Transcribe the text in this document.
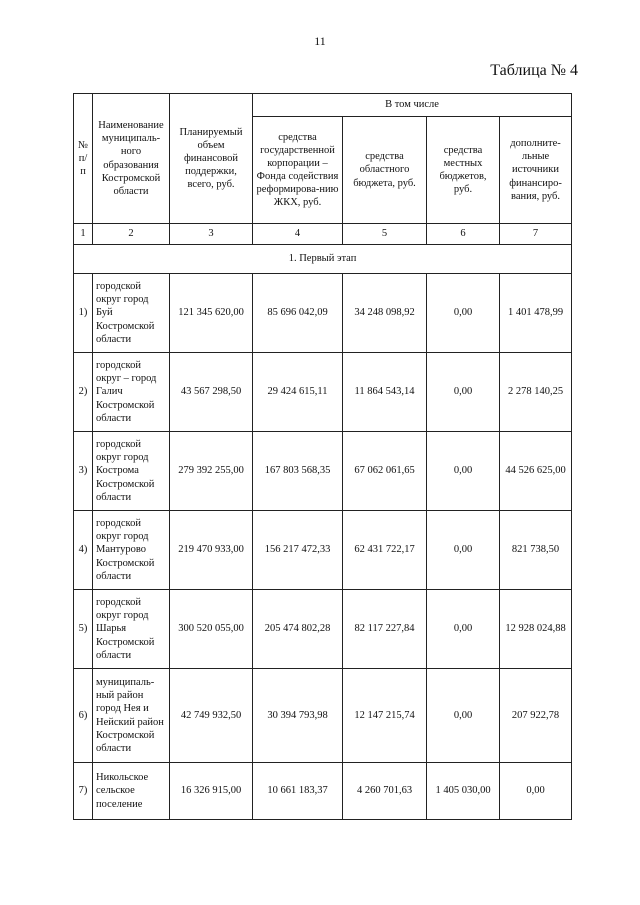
11
Таблица № 4
№ п/п	Наименование муниципаль-ного образования Костромской области	Планируемый объем финансовой поддержки, всего, руб.	В том числе			
			средства государственной корпорации – Фонда содействия реформирова-нию ЖКХ, руб.	средства областного бюджета, руб.	средства местных бюджетов, руб.	дополните-льные источники финансиро-вания, руб.
1	2	3	4	5	6	7
1. Первый этап						
1)	городской округ город Буй Костромской области	121 345 620,00	85 696 042,09	34 248 098,92	0,00	1 401 478,99
2)	городской округ – город Галич Костромской области	43 567 298,50	29 424 615,11	11 864 543,14	0,00	2 278 140,25
3)	городской округ город Кострома Костромской области	279 392 255,00	167 803 568,35	67 062 061,65	0,00	44 526 625,00
4)	городской округ город Мантурово Костромской области	219 470 933,00	156 217 472,33	62 431 722,17	0,00	821 738,50
5)	городской округ город Шарья Костромской области	300 520 055,00	205 474 802,28	82 117 227,84	0,00	12 928 024,88
6)	муниципаль-ный район город Нея и Нейский район Костромской области	42 749 932,50	30 394 793,98	12 147 215,74	0,00	207 922,78
7)	Никольское сельское поселение	16 326 915,00	10 661 183,37	4 260 701,63	1 405 030,00	0,00
